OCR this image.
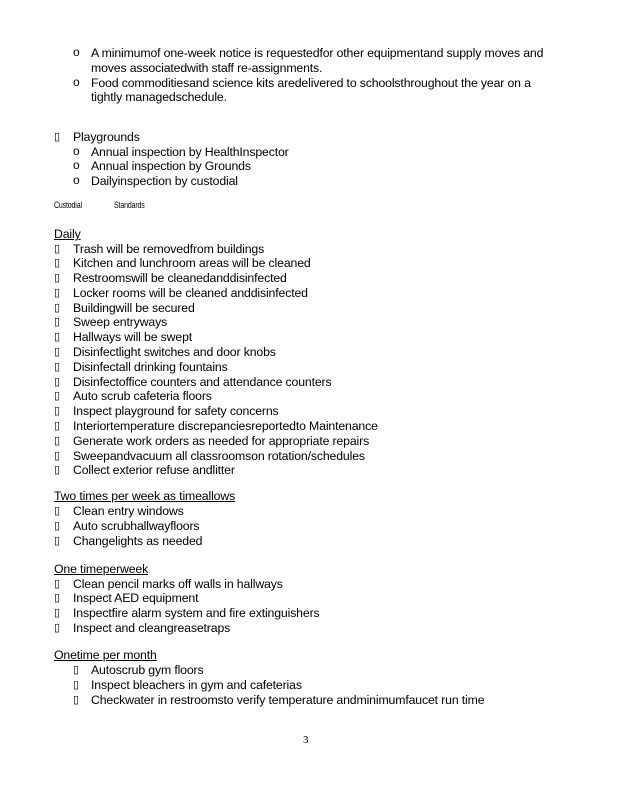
o A minimumof one-week notice is requestedfor other equipmentand supply moves and
moves associatedwith staff re-assignments.
o Food commoditiesand science kits aredelivered to schoolsthroughout the year on a
tightly managedschedule.
▯ Playgrounds
o Annual inspection by HealthInspector
o Annual inspection by Grounds
o Dailyinspection by custodial
Custodial	Standards
Daily
▯ Trash will be removedfrom buildings
▯ Kitchen and lunchroom areas will be cleaned
▯ Restroomswill be cleanedanddisinfected
▯ Locker rooms will be cleaned anddisinfected
▯ Buildingwill be secured
▯ Sweep entryways
▯ Hallways will be swept
▯ Disinfectlight switches and door knobs
▯ Disinfectall drinking fountains
▯ Disinfectoffice counters and attendance counters
▯ Auto scrub cafeteria floors
▯ Inspect playground for safety concerns
▯ Interiortemperature discrepanciesreportedto Maintenance
▯ Generate work orders as needed for appropriate repairs
▯ Sweepandvacuum all classroomson rotation/schedules
▯ Collect exterior refuse andlitter
Two times per week as timeallows
▯ Clean entry windows
▯ Auto scrubhallwayfloors
▯ Changelights as needed
One timeperweek
▯ Clean pencil marks off walls in hallways
▯ Inspect AED equipment
▯ Inspectfire alarm system and fire extinguishers
▯ Inspect and cleangreasetraps
Onetime per month
▯ Autoscrub gym floors
▯ Inspect bleachers in gym and cafeterias
▯ Checkwater in restroomsto verify temperature andminimumfaucet run time
3
